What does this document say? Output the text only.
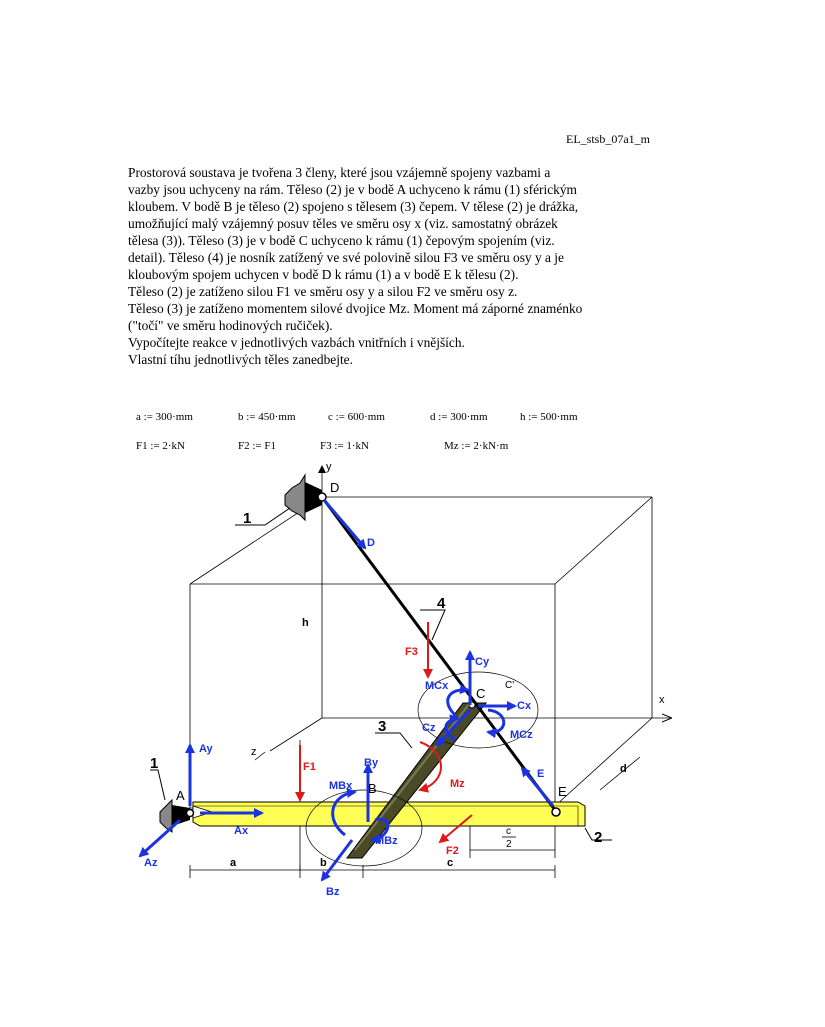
EL_stsb_07a1_m

Prostorová soustava je tvořena 3 členy, které jsou vzájemně spojeny vazbami a

vazby jsou uchyceny na rám. Těleso (2) je v bodě A uchyceno k rámu (1) sférickým

kloubem. V bodě B je těleso (2) spojeno s tělesem (3) čepem. V tělese (2) je drážka,

umožňující malý vzájemný posuv těles ve směru osy x (viz. samostatný obrázek

tělesa (3)). Těleso (3) je v bodě C uchyceno k rámu (1) čepovým spojením (viz.

detail). Těleso (4) je nosník zatížený ve své polovině silou F3 ve směru osy y a je

kloubovým spojem uchycen v bodě D k rámu (1) a v bodě E k tělesu (2).

Těleso (2) je zatíženo silou F1 ve směru osy y a silou F2 ve směru osy z.

Těleso (3) je zatíženo momentem silové dvojice Mz. Moment má záporné znaménko

("točí" ve směru hodinových ručiček).

Vypočítejte reakce v jednotlivých vazbách vnitřních i vnějších.

Vlastní tíhu jednotlivých těles zanedbejte.

a := 300·mm	b := 450·mm	c := 600·mm	d := 300·mm	h := 500·mm
F1 := 2·kN	F2 := F1	F3 := 1·kN	Mz := 2·kN·m
1
1
2
3
4
A	B
C
D
E
x
y
z
a	b	c
c
2
d
h
C'
D
Ay
Ax
Az
MBx
By
MBz
Bz
Cy
MCx
Cx
Cz
MCz
E
F3
F1
F2
Mz
